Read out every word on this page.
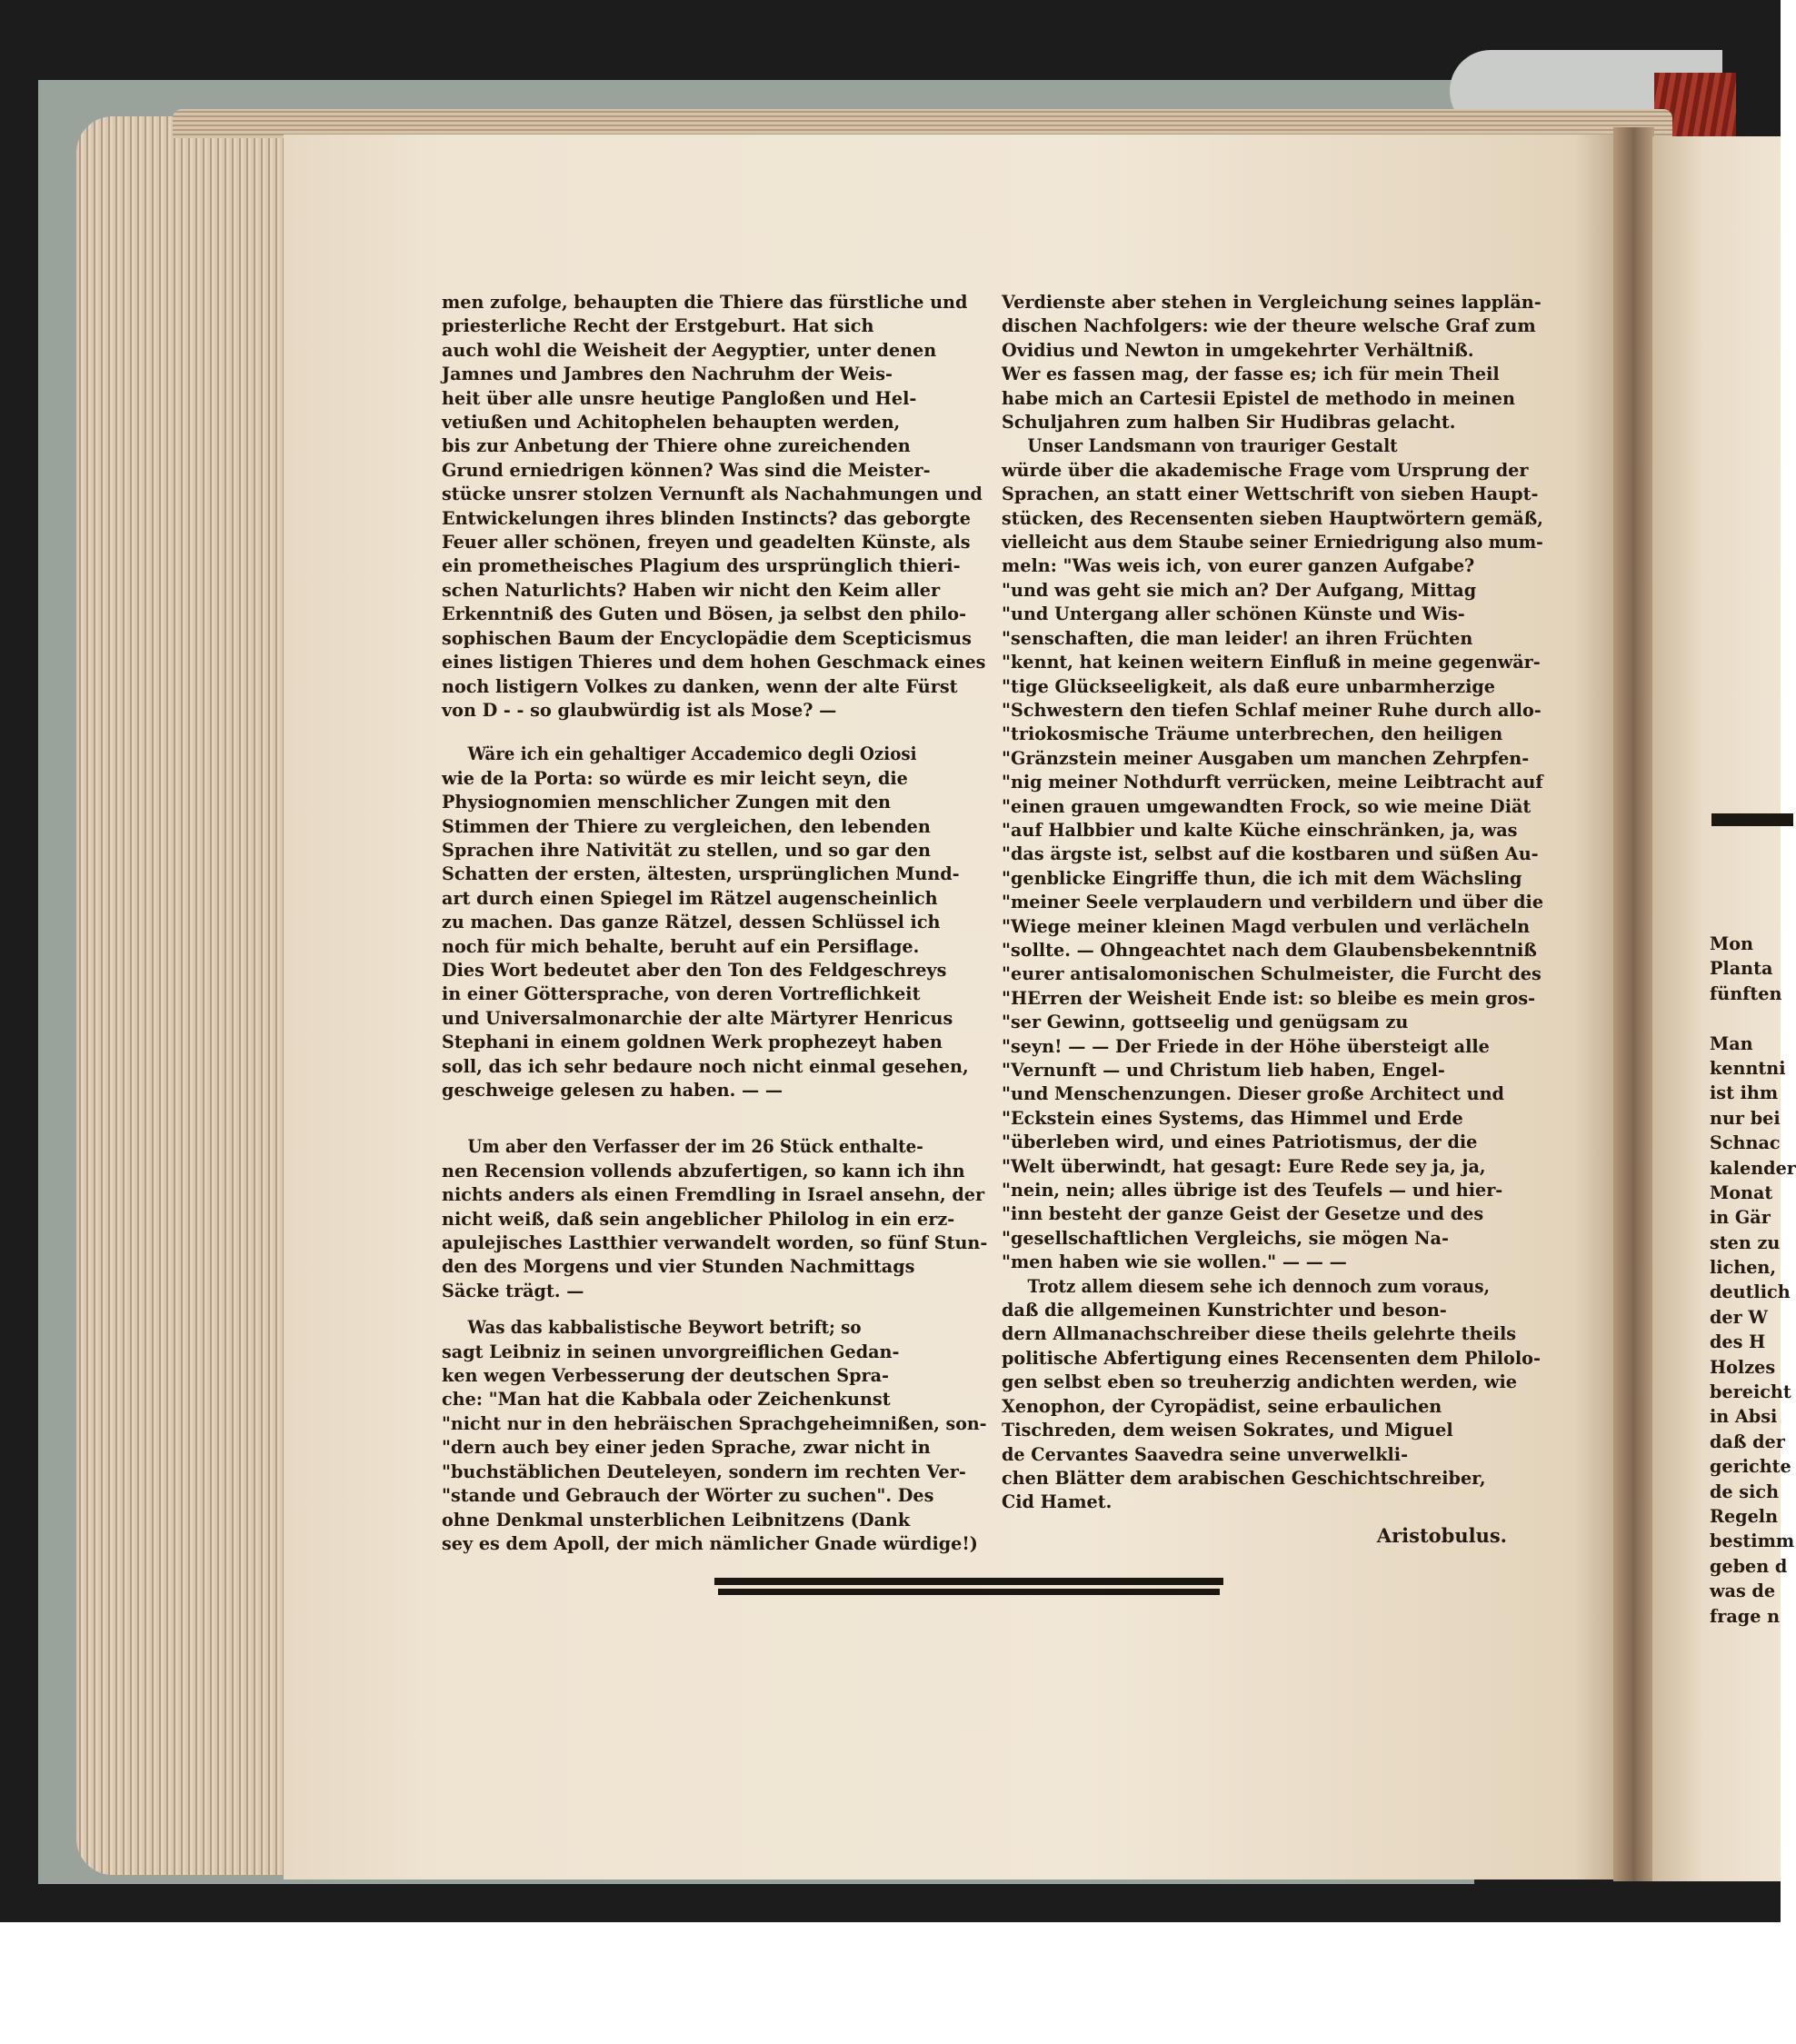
Mon
Planta
fünften
Man
kenntni
ist ihm
nur bei
Schnac
kalender
Monat
in Gär
sten zu
lichen,
deutlich
der W
des H
Holzes
bereicht
in Absi
daß der
gerichte
de sich
Regeln
bestimm
geben d
was de
frage n

men zufolge, behaupten die Thiere das fürstliche und

priesterliche Recht der Erstgeburt. Hat sich

auch wohl die Weisheit der Aegyptier, unter denen

Jamnes und Jambres den Nachruhm der Weis-

heit über alle unsre heutige Pangloßen und Hel-

vetiußen und Achitophelen behaupten werden,

bis zur Anbetung der Thiere ohne zureichenden

Grund erniedrigen können? Was sind die Meister-

stücke unsrer stolzen Vernunft als Nachahmungen und

Entwickelungen ihres blinden Instincts? das geborgte

Feuer aller schönen, freyen und geadelten Künste, als

ein prometheisches Plagium des ursprünglich thieri-

schen Naturlichts? Haben wir nicht den Keim aller

Erkenntniß des Guten und Bösen, ja selbst den philo-

sophischen Baum der Encyclopädie dem Scepticismus

eines listigen Thieres und dem hohen Geschmack eines

noch listigern Volkes zu danken, wenn der alte Fürst

von D - - so glaubwürdig ist als Mose? —

Wäre ich ein gehaltiger Accademico degli Oziosi

wie de la Porta: so würde es mir leicht seyn, die

Physiognomien menschlicher Zungen mit den

Stimmen der Thiere zu vergleichen, den lebenden

Sprachen ihre Nativität zu stellen, und so gar den

Schatten der ersten, ältesten, ursprünglichen Mund-

art durch einen Spiegel im Rätzel augenscheinlich

zu machen. Das ganze Rätzel, dessen Schlüssel ich

noch für mich behalte, beruht auf ein Persiflage.

Dies Wort bedeutet aber den Ton des Feldgeschreys

in einer Göttersprache, von deren Vortreflichkeit

und Universalmonarchie der alte Märtyrer Henricus

Stephani in einem goldnen Werk prophezeyt haben

soll, das ich sehr bedaure noch nicht einmal gesehen,

geschweige gelesen zu haben. — —

Um aber den Verfasser der im 26 Stück enthalte-

nen Recension vollends abzufertigen, so kann ich ihn

nichts anders als einen Fremdling in Israel ansehn, der

nicht weiß, daß sein angeblicher Philolog in ein erz-

apulejisches Lastthier verwandelt worden, so fünf Stun-

den des Morgens und vier Stunden Nachmittags

Säcke trägt. —

Was das kabbalistische Beywort betrift; so

sagt Leibniz in seinen unvorgreiflichen Gedan-

ken wegen Verbesserung der deutschen Spra-

che: "Man hat die Kabbala oder Zeichenkunst

"nicht nur in den hebräischen Sprachgeheimnißen, son-

"dern auch bey einer jeden Sprache, zwar nicht in

"buchstäblichen Deuteleyen, sondern im rechten Ver-

"stande und Gebrauch der Wörter zu suchen". Des

ohne Denkmal unsterblichen Leibnitzens (Dank

sey es dem Apoll, der mich nämlicher Gnade würdige!)

Verdienste aber stehen in Vergleichung seines lapplän-

dischen Nachfolgers: wie der theure welsche Graf zum

Ovidius und Newton in umgekehrter Verhältniß.

Wer es fassen mag, der fasse es; ich für mein Theil

habe mich an Cartesii Epistel de methodo in meinen

Schuljahren zum halben Sir Hudibras gelacht.

Unser Landsmann von trauriger Gestalt

würde über die akademische Frage vom Ursprung der

Sprachen, an statt einer Wettschrift von sieben Haupt-

stücken, des Recensenten sieben Hauptwörtern gemäß,

vielleicht aus dem Staube seiner Erniedrigung also mum-

meln: "Was weis ich, von eurer ganzen Aufgabe?

"und was geht sie mich an? Der Aufgang, Mittag

"und Untergang aller schönen Künste und Wis-

"senschaften, die man leider! an ihren Früchten

"kennt, hat keinen weitern Einfluß in meine gegenwär-

"tige Glückseeligkeit, als daß eure unbarmherzige

"Schwestern den tiefen Schlaf meiner Ruhe durch allo-

"triokosmische Träume unterbrechen, den heiligen

"Gränzstein meiner Ausgaben um manchen Zehrpfen-

"nig meiner Nothdurft verrücken, meine Leibtracht auf

"einen grauen umgewandten Frock, so wie meine Diät

"auf Halbbier und kalte Küche einschränken, ja, was

"das ärgste ist, selbst auf die kostbaren und süßen Au-

"genblicke Eingriffe thun, die ich mit dem Wächsling

"meiner Seele verplaudern und verbildern und über die

"Wiege meiner kleinen Magd verbulen und verlächeln

"sollte. — Ohngeachtet nach dem Glaubensbekenntniß

"eurer antisalomonischen Schulmeister, die Furcht des

"HErren der Weisheit Ende ist: so bleibe es mein gros-

"ser Gewinn, gottseelig und genügsam zu

"seyn! — — Der Friede in der Höhe übersteigt alle

"Vernunft — und Christum lieb haben, Engel-

"und Menschenzungen. Dieser große Architect und

"Eckstein eines Systems, das Himmel und Erde

"überleben wird, und eines Patriotismus, der die

"Welt überwindt, hat gesagt: Eure Rede sey ja, ja,

"nein, nein; alles übrige ist des Teufels — und hier-

"inn besteht der ganze Geist der Gesetze und des

"gesellschaftlichen Vergleichs, sie mögen Na-

"men haben wie sie wollen." — — —

Trotz allem diesem sehe ich dennoch zum voraus,

daß die allgemeinen Kunstrichter und beson-

dern Allmanachschreiber diese theils gelehrte theils

politische Abfertigung eines Recensenten dem Philolo-

gen selbst eben so treuherzig andichten werden, wie

Xenophon, der Cyropädist, seine erbaulichen

Tischreden, dem weisen Sokrates, und Miguel

de Cervantes Saavedra seine unverwelkli-

chen Blätter dem arabischen Geschichtschreiber,

Cid Hamet.

Aristobulus.
